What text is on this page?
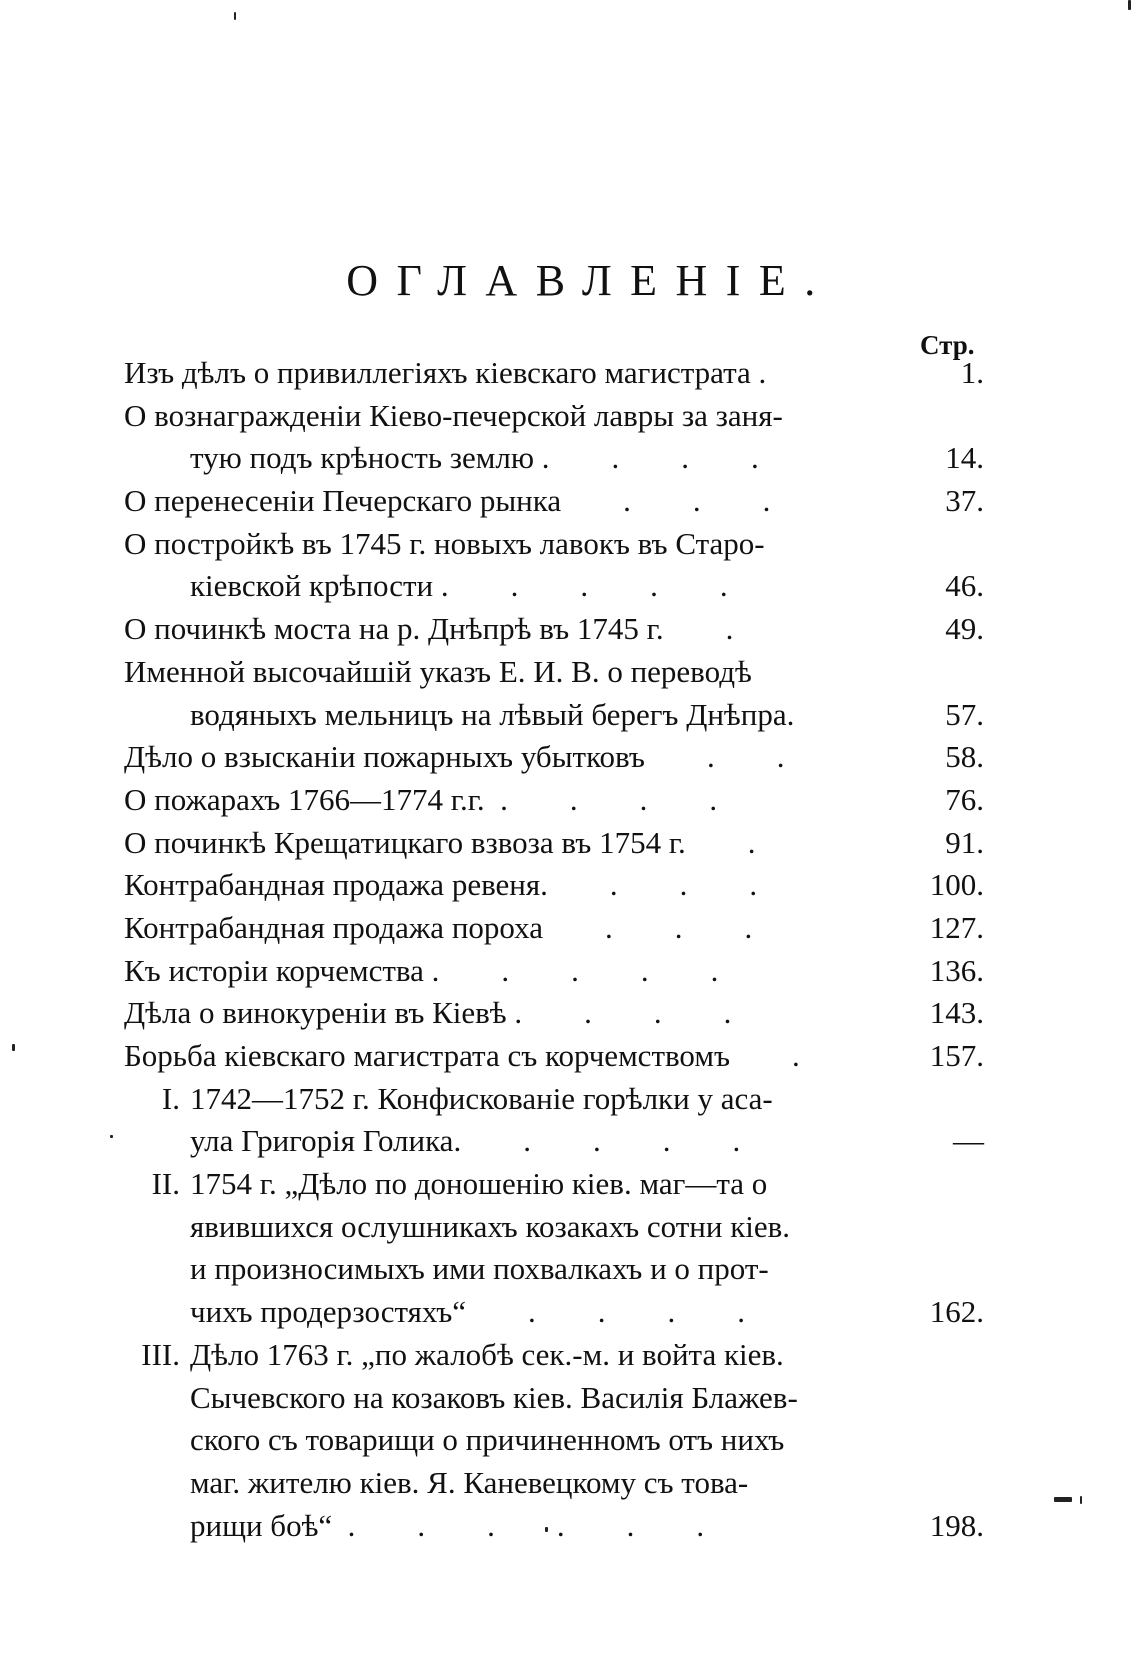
ОГЛАВЛЕНІЕ.
Стр.
Изъ дѣлъ о привиллегіяхъ кіевскаго магистрата .	1.
О вознагражденіи Кіево-печерской лавры за заня-
тую подъ крѣность землю .        .        .        .	14.
О перенесеніи Печерскаго рынка        .        .        .	37.
О постройкѣ въ 1745 г. новыхъ лавокъ въ Старо-
кіевской крѣпости .        .        .        .        .	46.
О починкѣ моста на р. Днѣпрѣ въ 1745 г.        .	49.
Именной высочайшій указъ Е. И. В. о переводѣ
водяныхъ мельницъ на лѣвый берегъ Днѣпра.	57.
Дѣло о взысканіи пожарныхъ убытковъ        .        .	58.
О пожарахъ 1766—1774 г.г.  .        .        .        .	76.
О починкѣ Крещатицкаго взвоза въ 1754 г.        .	91.
Контрабандная продажа ревеня.        .        .        .	100.
Контрабандная продажа пороха        .        .        .	127.
Къ исторіи корчемства .        .        .        .        .	136.
Дѣла о винокуреніи въ Кіевѣ .        .        .        .	143.
Борьба кіевскаго магистрата съ корчемствомъ        .	157.
I. 1742—1752 г. Конфискованіе горѣлки у аса-
ула Григорія Голика.        .        .        .        .	—
II. 1754 г. „Дѣло по доношенію кіев. маг—та о
явившихся ослушникахъ козакахъ сотни кіев.
и произносимыхъ ими похвалкахъ и о прот-
чихъ продерзостяхъ“        .        .        .        .	162.
III. Дѣло 1763 г. „по жалобѣ сек.-м. и войта кіев.
Сычевского на козаковъ кіев. Василія Блажев-
ского съ товарищи о причиненномъ отъ нихъ
маг. жителю кіев. Я. Каневецкому съ това-
рищи боѣ“  .        .        .        .        .        .	198.
